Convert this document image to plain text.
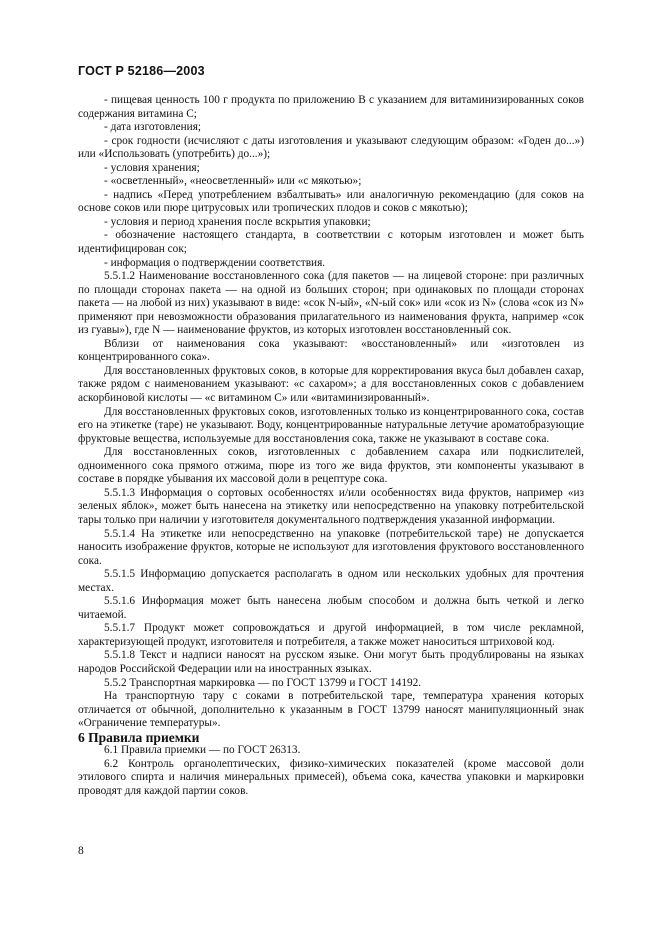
ГОСТ Р 52186—2003

- пищевая ценность 100 г продукта по приложению В с указанием для витаминизированных соков содержания витамина С;

- дата изготовления;

- срок годности (исчисляют с даты изготовления и указывают следующим образом: «Годен до...») или «Использовать (употребить) до...»);

- условия хранения;

- «осветленный», «неосветленный» или «с мякотью»;

- надпись «Перед употреблением взбалтывать» или аналогичную рекомендацию (для соков на основе соков или пюре цитрусовых или тропических плодов и соков с мякотью);

- условия и период хранения после вскрытия упаковки;

- обозначение настоящего стандарта, в соответствии с которым изготовлен и может быть идентифицирован сок;

- информация о подтверждении соответствия.

5.5.1.2 Наименование восстановленного сока (для пакетов — на лицевой стороне: при различных по площади сторонах пакета — на одной из больших сторон; при одинаковых по площади сторонах пакета — на любой из них) указывают в виде: «сок N-ый», «N-ый сок» или «сок из N» (слова «сок из N» применяют при невозможности образования прилагательного из наименования фрукта, например «сок из гуавы»), где N — наименование фруктов, из которых изготовлен восстановленный сок.

Вблизи от наименования сока указывают: «восстановленный» или «изготовлен из концентрированного сока».

Для восстановленных фруктовых соков, в которые для корректирования вкуса был добавлен сахар, также рядом с наименованием указывают: «с сахаром»; а для восстановленных соков с добавлением аскорбиновой кислоты — «с витамином С» или «витаминизированный».

Для восстановленных фруктовых соков, изготовленных только из концентрированного сока, состав его на этикетке (таре) не указывают. Воду, концентрированные натуральные летучие ароматобразующие фруктовые вещества, используемые для восстановления сока, также не указывают в составе сока.

Для восстановленных соков, изготовленных с добавлением сахара или подкислителей, одноименного сока прямого отжима, пюре из того же вида фруктов, эти компоненты указывают в составе в порядке убывания их массовой доли в рецептуре сока.

5.5.1.3 Информация о сортовых особенностях и/или особенностях вида фруктов, например «из зеленых яблок», может быть нанесена на этикетку или непосредственно на упаковку потребительской тары только при наличии у изготовителя документального подтверждения указанной информации.

5.5.1.4 На этикетке или непосредственно на упаковке (потребительской таре) не допускается наносить изображение фруктов, которые не используют для изготовления фруктового восстановленного сока.

5.5.1.5 Информацию допускается располагать в одном или нескольких удобных для прочтения местах.

5.5.1.6 Информация может быть нанесена любым способом и должна быть четкой и легко читаемой.

5.5.1.7 Продукт может сопровождаться и другой информацией, в том числе рекламной, характеризующей продукт, изготовителя и потребителя, а также может наноситься штриховой код.

5.5.1.8 Текст и надписи наносят на русском языке. Они могут быть продублированы на языках народов Российской Федерации или на иностранных языках.

5.5.2 Транспортная маркировка — по ГОСТ 13799 и ГОСТ 14192.

На транспортную тару с соками в потребительской таре, температура хранения которых отличается от обычной, дополнительно к указанным в ГОСТ 13799 наносят манипуляционный знак «Ограничение температуры».

6 Правила приемки

6.1 Правила приемки — по ГОСТ 26313.

6.2 Контроль органолептических, физико-химических показателей (кроме массовой доли этилового спирта и наличия минеральных примесей), объема сока, качества упаковки и маркировки проводят для каждой партии соков.

8
